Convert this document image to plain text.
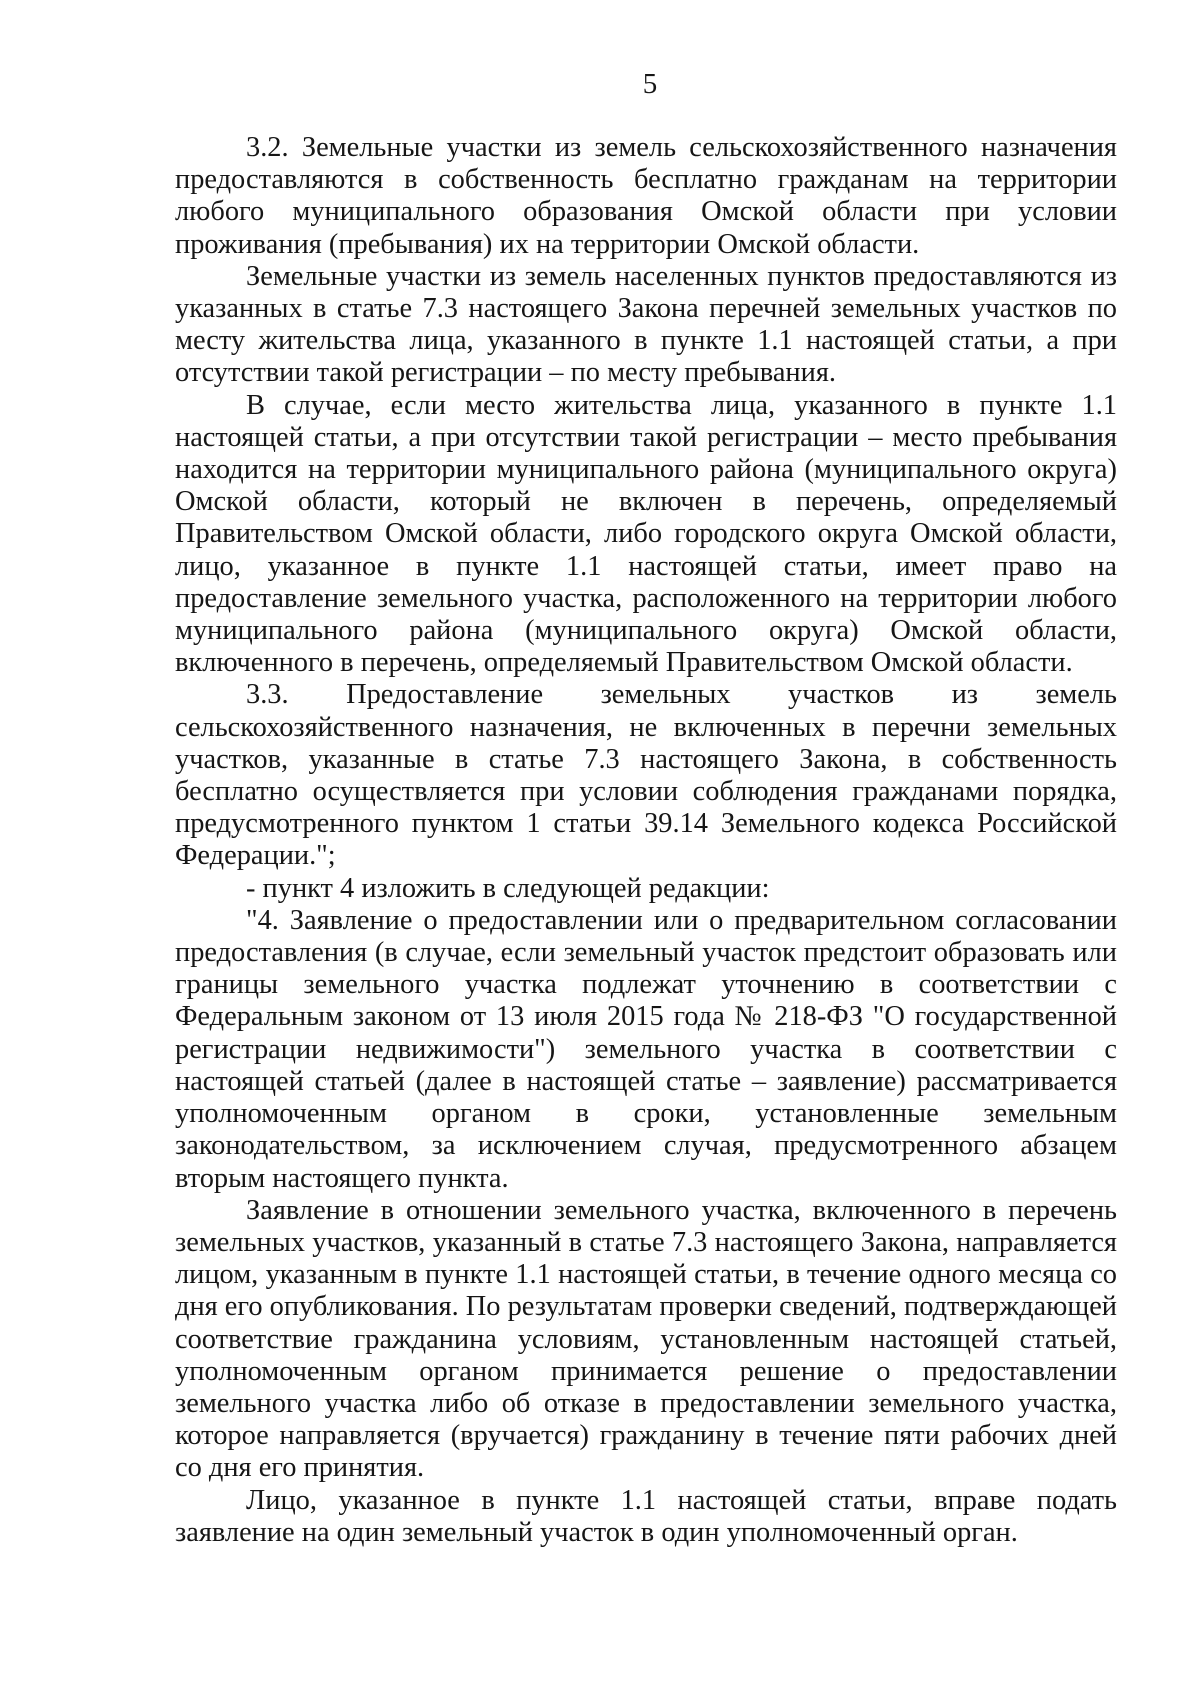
5

3.2. Земельные участки из земель сельскохозяйственного назначения предоставляются в собственность бесплатно гражданам на территории любого муниципального образования Омской области при условии проживания (пребывания) их на территории Омской области.

Земельные участки из земель населенных пунктов предоставляются из указанных в статье 7.3 настоящего Закона перечней земельных участков по месту жительства лица, указанного в пункте 1.1 настоящей статьи, а при отсутствии такой регистрации – по месту пребывания.

В случае, если место жительства лица, указанного в пункте 1.1 настоящей статьи, а при отсутствии такой регистрации – место пребывания находится на территории муниципального района (муниципального округа) Омской области, который не включен в перечень, определяемый Правительством Омской области, либо городского округа Омской области, лицо, указанное в пункте 1.1 настоящей статьи, имеет право на предоставление земельного участка, расположенного на территории любого муниципального района (муниципального округа) Омской области, включенного в перечень, определяемый Правительством Омской области.

3.3. Предоставление земельных участков из земель сельскохозяйственного назначения, не включенных в перечни земельных участков, указанные в статье 7.3 настоящего Закона, в собственность бесплатно осуществляется при условии соблюдения гражданами порядка, предусмотренного пунктом 1 статьи 39.14 Земельного кодекса Российской Федерации.";

- пункт 4 изложить в следующей редакции:

"4. Заявление о предоставлении или о предварительном согласовании предоставления (в случае, если земельный участок предстоит образовать или границы земельного участка подлежат уточнению в соответствии с Федеральным законом от 13 июля 2015 года № 218-ФЗ "О государственной регистрации недвижимости") земельного участка в соответствии с настоящей статьей (далее в настоящей статье – заявление) рассматривается уполномоченным органом в сроки, установленные земельным законодательством, за исключением случая, предусмотренного абзацем вторым настоящего пункта.

Заявление в отношении земельного участка, включенного в перечень земельных участков, указанный в статье 7.3 настоящего Закона, направляется лицом, указанным в пункте 1.1 настоящей статьи, в течение одного месяца со дня его опубликования. По результатам проверки сведений, подтверждающей соответствие гражданина условиям, установленным настоящей статьей, уполномоченным органом принимается решение о предоставлении земельного участка либо об отказе в предоставлении земельного участка, которое направляется (вручается) гражданину в течение пяти рабочих дней со дня его принятия.

Лицо, указанное в пункте 1.1 настоящей статьи, вправе подать заявление на один земельный участок в один уполномоченный орган.
